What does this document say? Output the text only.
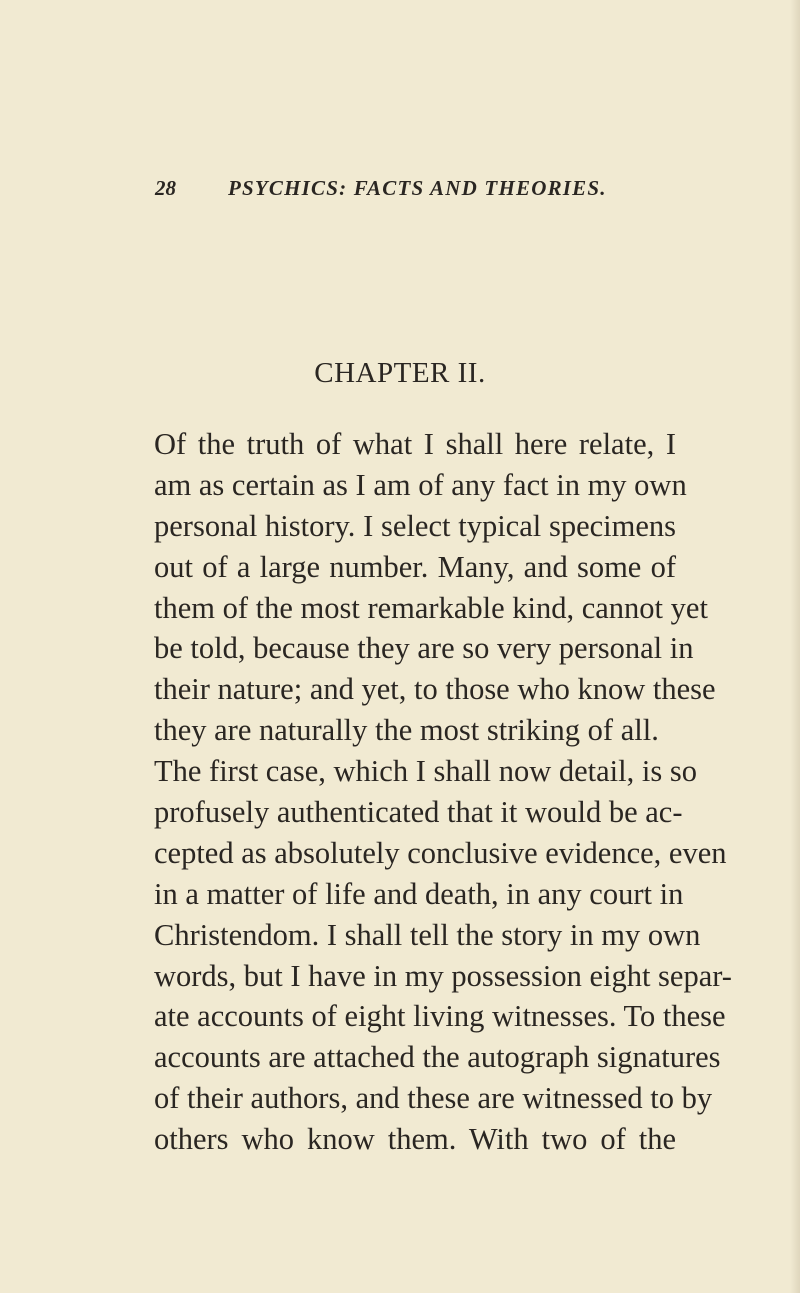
28 PSYCHICS: FACTS AND THEORIES.
CHAPTER II.
Of the truth of what I shall here relate, I
am as certain as I am of any fact in my own
personal history. I select typical specimens
out of a large number. Many, and some of
them of the most remarkable kind, cannot yet
be told, because they are so very personal in
their nature; and yet, to those who know these
they are naturally the most striking of all.
The first case, which I shall now detail, is so
profusely authenticated that it would be ac-
cepted as absolutely conclusive evidence, even
in a matter of life and death, in any court in
Christendom. I shall tell the story in my own
words, but I have in my possession eight separ-
ate accounts of eight living witnesses. To these
accounts are attached the autograph signatures
of their authors, and these are witnessed to by
others who know them. With two of the
